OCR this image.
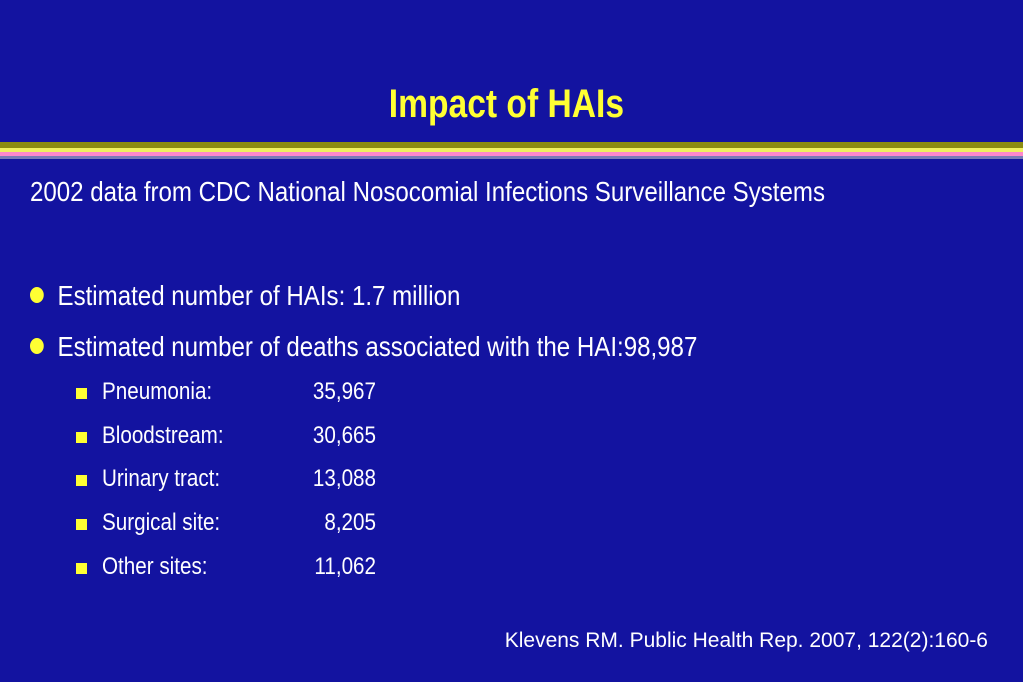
Impact of HAIs
2002 data from CDC National Nosocomial Infections Surveillance Systems
Estimated number of HAIs: 1.7 million
Estimated number of deaths associated with the HAI:98,987
Pneumonia:	35,967
Bloodstream:	30,665
Urinary tract:	13,088
Surgical site:	8,205
Other sites:	11,062
Klevens RM. Public Health Rep. 2007, 122(2):160-6
